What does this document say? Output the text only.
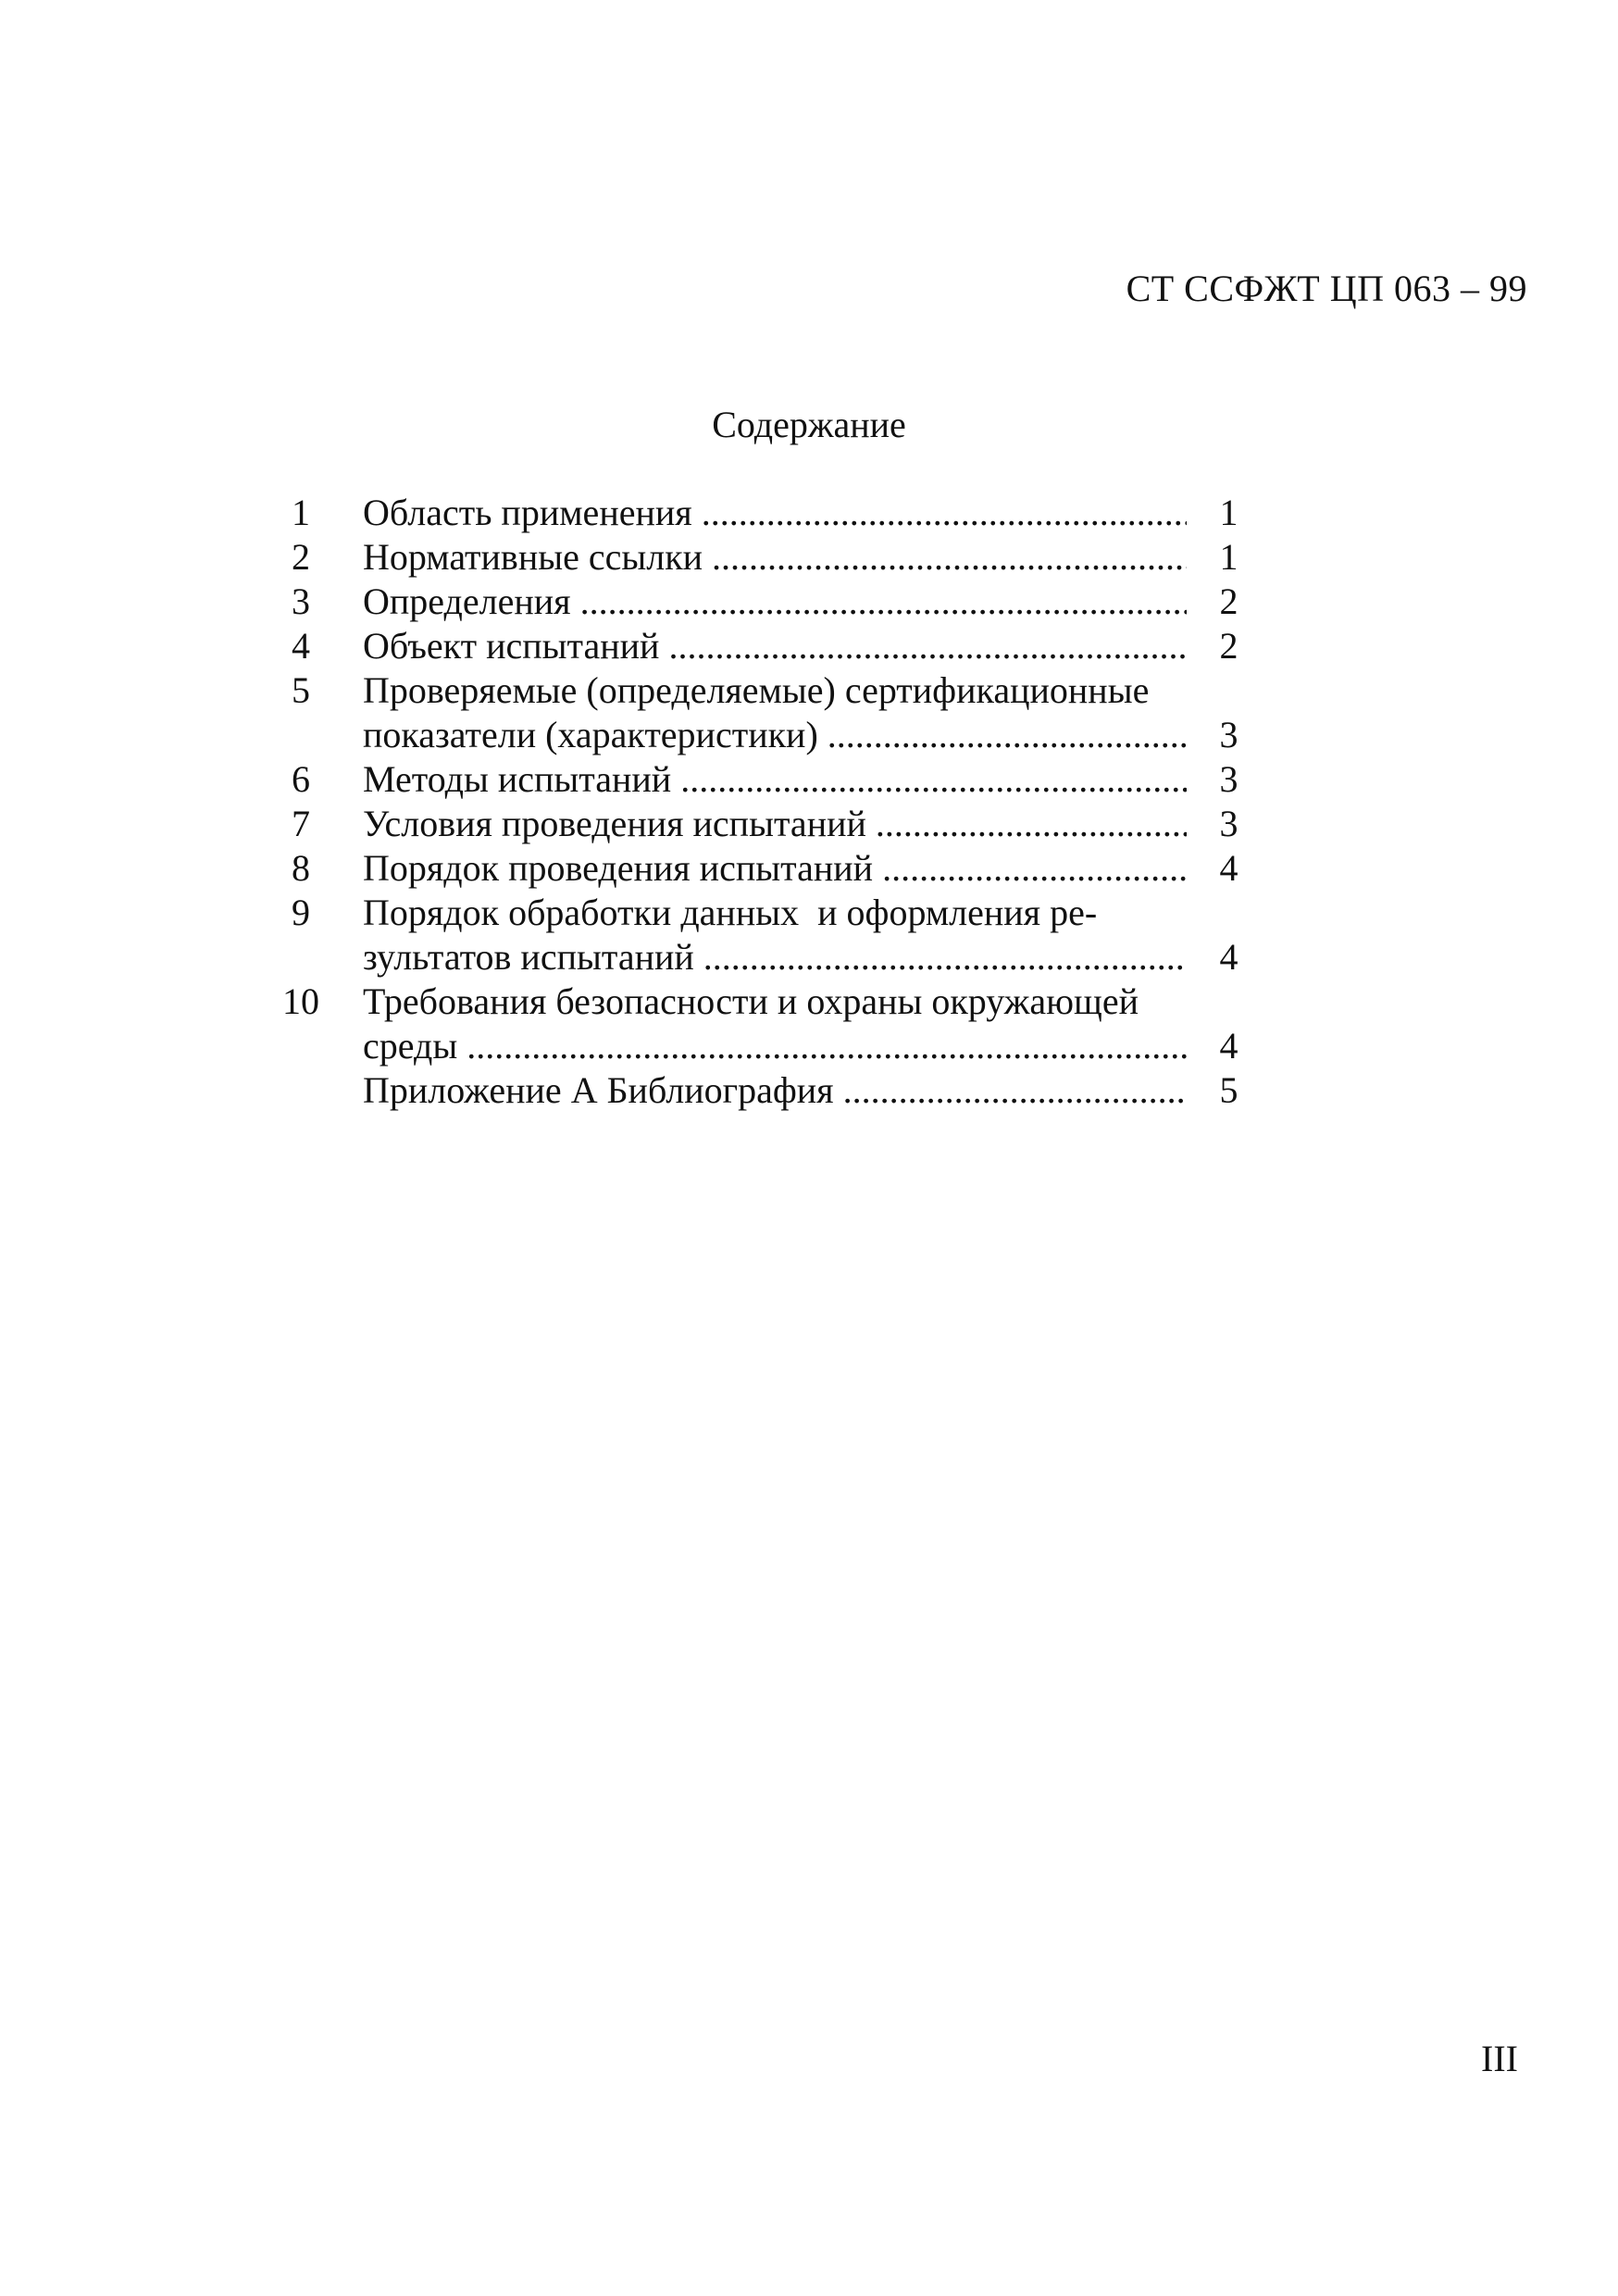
СТ ССФЖТ ЦП 063 – 99
Содержание
1	Область применения .....	1
2	Нормативные ссылки .....	1
3	Определения .....	2
4	Объект испытаний .....	2
5	Проверяемые (определяемые) сертификационные
показатели (характеристики) .....	3
6	Методы испытаний .....	3
7	Условия проведения испытаний .....	3
8	Порядок проведения испытаний .....	4
9	Порядок обработки данных  и оформления ре-
зультатов испытаний .....	4
10	Требования безопасности и охраны окружающей
среды .....	4
Приложение А Библиография .....	5
III
